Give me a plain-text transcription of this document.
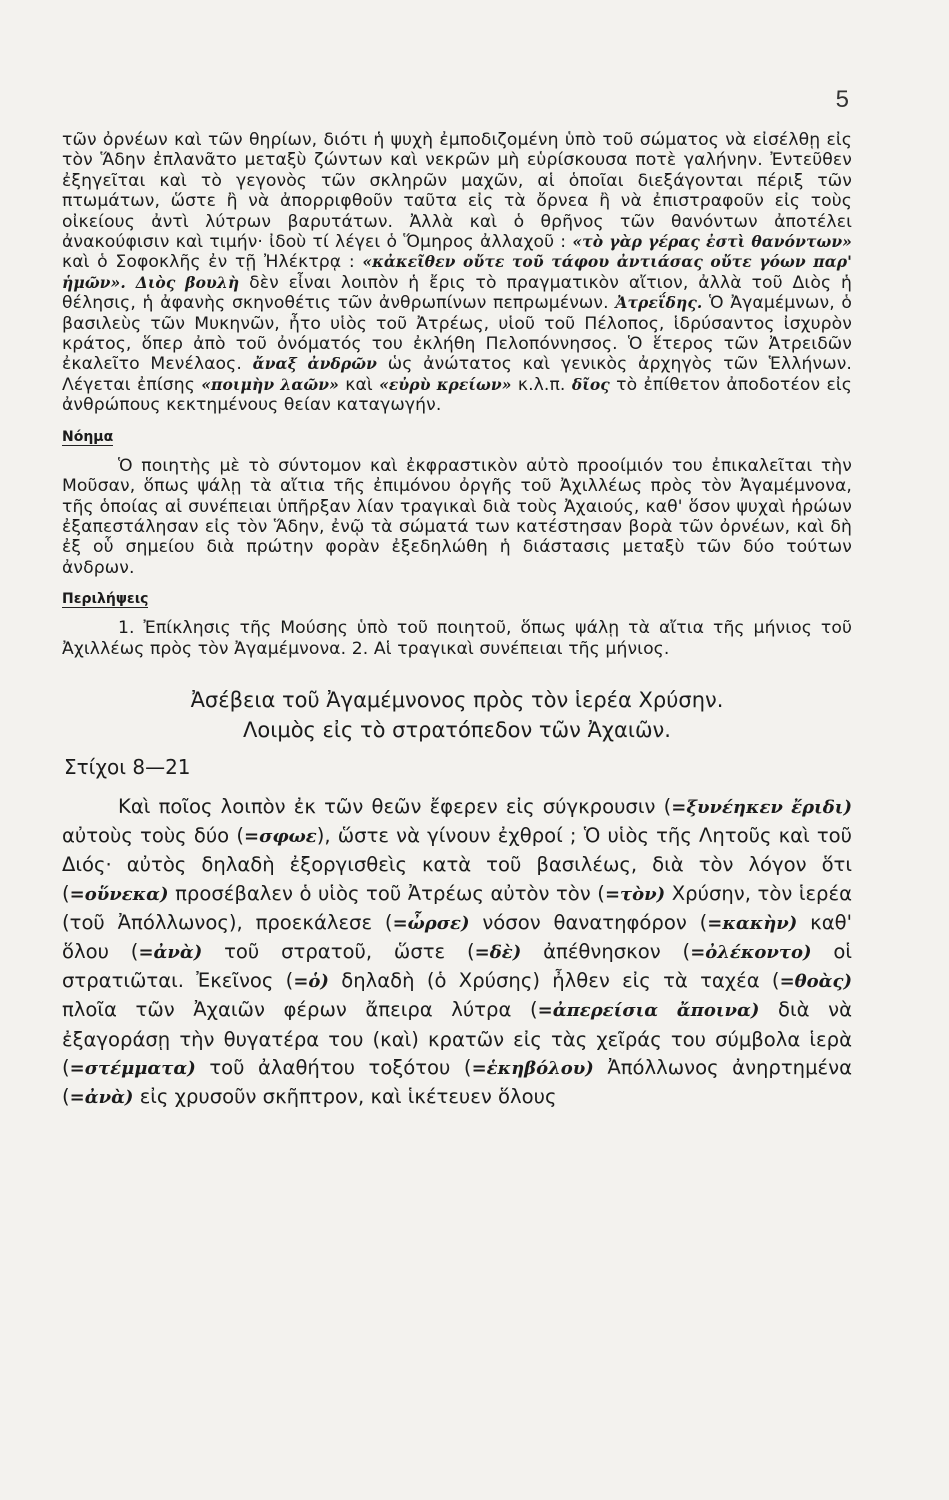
5

τῶν ὀρνέων καὶ τῶν θηρίων, διότι ἡ ψυχὴ ἐμποδιζομένη ὑπὸ τοῦ σώματος νὰ εἰσέλθῃ εἰς τὸν Ἅδην ἐπλανᾶτο μεταξὺ ζώντων καὶ νεκρῶν μὴ εὑρίσκουσα ποτὲ γαλήνην. Ἐντεῦθεν ἐξηγεῖται καὶ τὸ γεγονὸς τῶν σκληρῶν μαχῶν, αἱ ὁποῖαι διεξάγονται πέριξ τῶν πτωμάτων, ὥστε ἢ νὰ ἀπορριφθοῦν ταῦτα εἰς τὰ ὄρνεα ἢ νὰ ἐπιστραφοῦν εἰς τοὺς οἰκείους ἀντὶ λύτρων βαρυτάτων. Ἀλλὰ καὶ ὁ θρῆνος τῶν θανόντων ἀποτέλει ἀνακούφισιν καὶ τιμήν· ἰδοὺ τί λέγει ὁ Ὅμηρος ἀλλαχοῦ : «τὸ γὰρ γέρας ἐστὶ θανόντων» καὶ ὁ Σοφοκλῆς ἐν τῇ Ἠλέκτρᾳ : «κἀκεῖθεν οὔτε τοῦ τάφου ἀντιάσας οὔτε γόων παρ' ἡμῶν». Διὸς βουλὴ δὲν εἶναι λοιπὸν ἡ ἔρις τὸ πραγματικὸν αἴτιον, ἀλλὰ τοῦ Διὸς ἡ θέλησις, ἡ ἀφανὴς σκηνοθέτις τῶν ἀνθρωπίνων πεπρωμένων. Ἀτρεΐδης. Ὁ Ἀγαμέμνων, ὁ βασιλεὺς τῶν Μυκηνῶν, ἦτο υἱὸς τοῦ Ἀτρέως, υἱοῦ τοῦ Πέλοπος, ἱδρύσαντος ἰσχυρὸν κράτος, ὅπερ ἀπὸ τοῦ ὀνόματός του ἐκλήθη Πελοπόννησος. Ὁ ἕτερος τῶν Ἀτρειδῶν ἐκαλεῖτο Μενέλαος. ἄναξ ἀνδρῶν ὡς ἀνώτατος καὶ γενικὸς ἀρχηγὸς τῶν Ἑλλήνων. Λέγεται ἐπίσης «ποιμὴν λαῶν» καὶ «εὐρὺ κρείων» κ.λ.π. δῖος τὸ ἐπίθετον ἀποδοτέον εἰς ἀνθρώπους κεκτημένους θείαν καταγωγήν.

Νόημα

Ὁ ποιητὴς μὲ τὸ σύντομον καὶ ἐκφραστικὸν αὐτὸ προοίμιόν του ἐπικαλεῖται τὴν Μοῦσαν, ὅπως ψάλῃ τὰ αἴτια τῆς ἐπιμόνου ὀργῆς τοῦ Ἀχιλλέως πρὸς τὸν Ἀγαμέμνονα, τῆς ὁποίας αἱ συνέπειαι ὑπῆρξαν λίαν τραγικαὶ διὰ τοὺς Ἀχαιούς, καθ' ὅσον ψυχαὶ ἡρώων ἐξαπεστάλησαν εἰς τὸν Ἅδην, ἐνῷ τὰ σώματά των κατέστησαν βορὰ τῶν ὀρνέων, καὶ δὴ ἐξ οὗ σημείου διὰ πρώτην φορὰν ἐξεδηλώθη ἡ διάστασις μεταξὺ τῶν δύο τούτων ἀνδρων.

Περιλήψεις

1. Ἐπίκλησις τῆς Μούσης ὑπὸ τοῦ ποιητοῦ, ὅπως ψάλῃ τὰ αἴτια τῆς μήνιος τοῦ Ἀχιλλέως πρὸς τὸν Ἀγαμέμνονα. 2. Αἱ τραγικαὶ συνέπειαι τῆς μήνιος.

Ἀσέβεια τοῦ Ἀγαμέμνονος πρὸς τὸν ἱερέα Χρύσην.
Λοιμὸς εἰς τὸ στρατόπεδον τῶν Ἀχαιῶν.
Στίχοι 8—21

Καὶ ποῖος λοιπὸν ἐκ τῶν θεῶν ἔφερεν εἰς σύγκρουσιν (=ξυνέηκεν ἔριδι) αὐτοὺς τοὺς δύο (=σφωε), ὥστε νὰ γίνουν ἐχθροί ; Ὁ υἱὸς τῆς Λητοῦς καὶ τοῦ Διός· αὐτὸς δηλαδὴ ἐξοργισθεὶς κατὰ τοῦ βασιλέως, διὰ τὸν λόγον ὅτι (=οὕνεκα) προσέβαλεν ὁ υἱὸς τοῦ Ἀτρέως αὐτὸν τὸν (=τὸν) Χρύσην, τὸν ἱερέα (τοῦ Ἀπόλλωνος), προεκάλεσε (=ὦρσε) νόσον θανατηφόρον (=κακὴν) καθ' ὅλου (=ἀνὰ) τοῦ στρατοῦ, ὥστε (=δὲ) ἀπέθνησκον (=ὀλέκοντο) οἱ στρατιῶται. Ἐκεῖνος (=ὁ) δηλαδὴ (ὁ Χρύσης) ἦλθεν εἰς τὰ ταχέα (=θοὰς) πλοῖα τῶν Ἀχαιῶν φέρων ἄπειρα λύτρα (=ἀπερείσια ἄποινα) διὰ νὰ ἐξαγοράσῃ τὴν θυγατέρα του (καὶ) κρατῶν εἰς τὰς χεῖράς του σύμβολα ἱερὰ (=στέμματα) τοῦ ἀλαθήτου τοξότου (=ἑκηβόλου) Ἀπόλλωνος ἀνηρτημένα (=ἀνὰ) εἰς χρυσοῦν σκῆπτρον, καὶ ἱκέτευεν ὅλους
